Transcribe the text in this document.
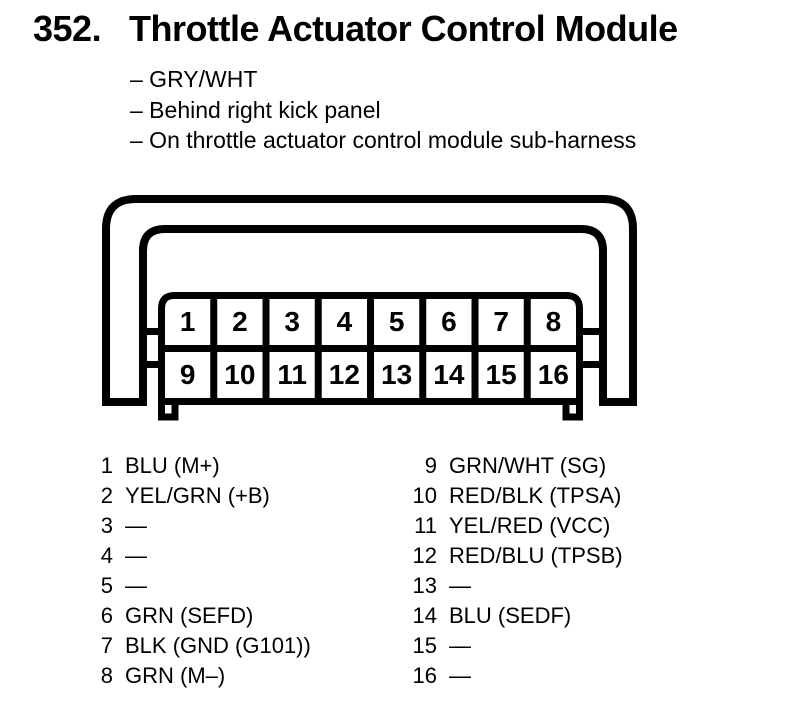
352. Throttle Actuator Control Module
– GRY/WHT
– Behind right kick panel
– On throttle actuator control module sub-harness
1	2	3	4	5	6	7	8
9	10 11 12 13 14 15 16
1 BLU (M+)
2 YEL/GRN (+B)
3 —
4 —
5 —
6 GRN (SEFD)
7 BLK (GND (G101))
8 GRN (M–)
9 GRN/WHT (SG)
10 RED/BLK (TPSA)
11 YEL/RED (VCC)
12 RED/BLU (TPSB)
13 —
14 BLU (SEDF)
15 —
16 —
